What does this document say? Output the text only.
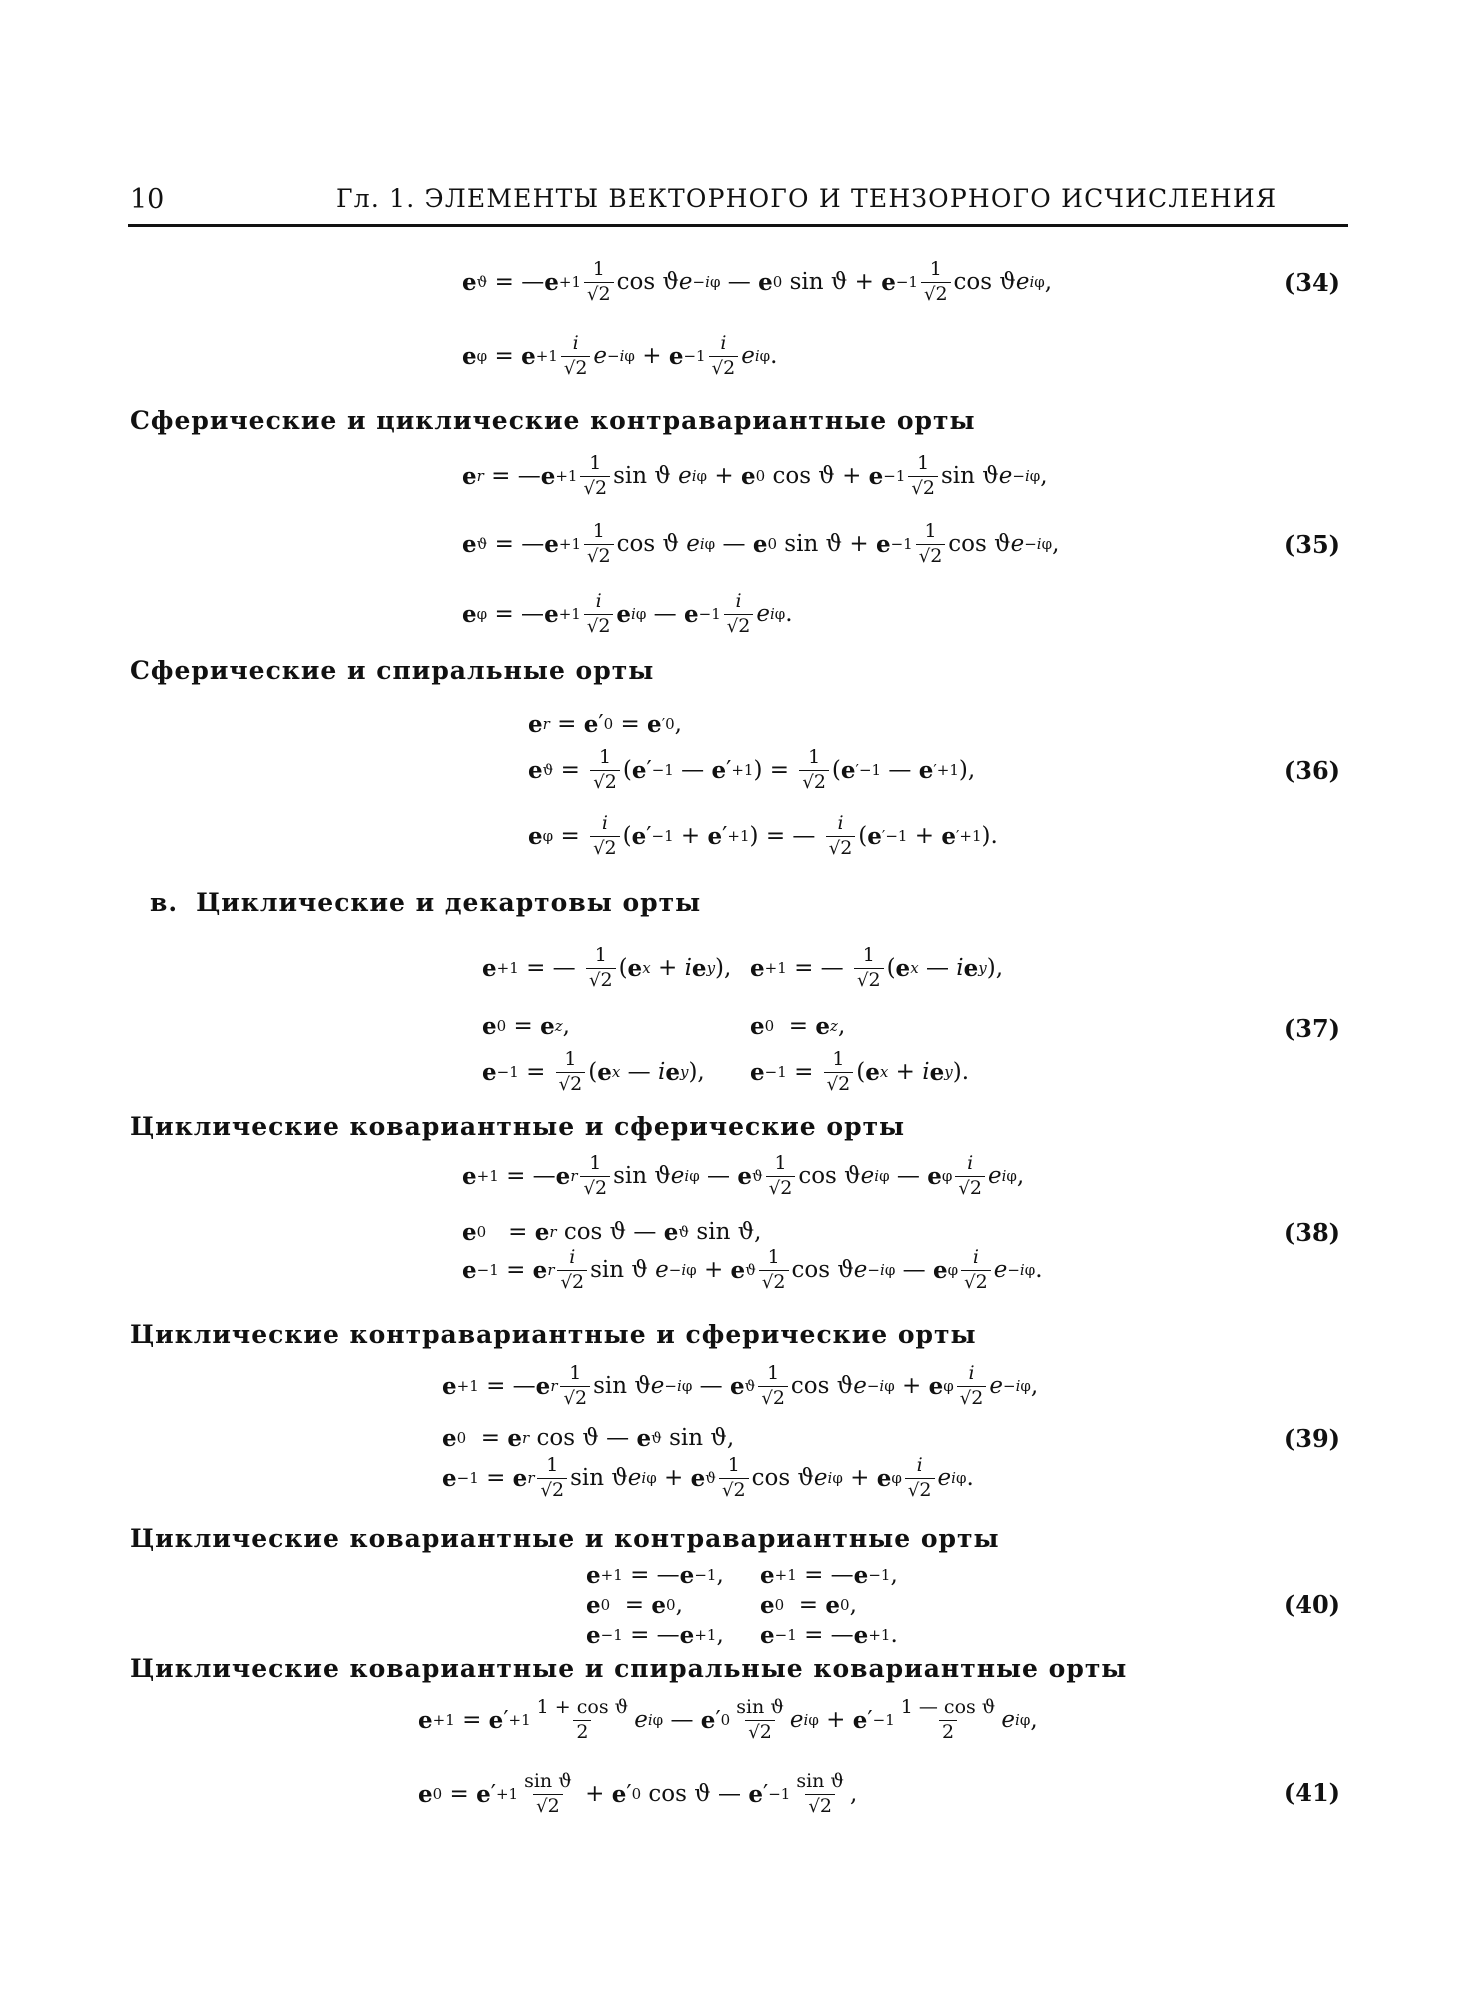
10	Гл. 1. ЭЛЕМЕНТЫ ВЕКТОРНОГО И ТЕНЗОРНОГО ИСЧИСЛЕНИЯ
e ϑ = — $e +1 \frac{1}{√2}$ cos ϑ e −iφ — e 0 $\sin ϑ + e -1 \frac{1}{√2}$ cos ϑ e iφ ,	(34)
e $\varphi = e +1 \frac{i}{√2}$ $e -i\varphi + e -1 \frac{i}{√2}$ e iφ .
Сферические и циклические контравариантные орты
e r = — $e +1 \frac{1}{√2}$ sin ϑ e iφ + e 0 $\cos ϑ + e -1 \frac{1}{√2}$ sin ϑ e −iφ ,
e ϑ = — $e +1 \frac{1}{√2}$ cos ϑ e iφ — e 0 $\sin ϑ + e -1 \frac{1}{√2}$ cos ϑ e −iφ ,	(35)
e φ = — $e +1 \frac{i}{√2}$ e iφ — $e -1 \frac{i}{√2}$ e iφ .
Сферические и спиральные орты
e r = e ′ 0 = e ′0 ,
e $ϑ = \frac{1}{√2}$ ( e ′ −1 — e ′ +1 ) = $\frac{1}{√2}$ ( e ′−1 — e ′+1 ),	(36)
e $\varphi = \frac{i}{√2}$ ( e ′ −1 + e ′ +1 ) = — $\frac{i}{√2}$ ( e ′−1 + e ′+1 ).
в. Циклические и декартовы орты
e +1 = — $\frac{1}{√2}$ ( e x + i e y ), e +1 = — $\frac{1}{√2}$ ( e x — i e y ),
e 0 = e z ,	e 0 = e z ,	(37)
$e -1 = \frac{1}{√2}$ ( e x — i e y ), $e -1 = \frac{1}{√2}$ ( e x + i e y ).
Циклические ковариантные и сферические орты
e +1 = — e r $\frac{1}{√2}$ sin ϑ e iφ — e ϑ $\frac{1}{√2}$ cos ϑ e iφ — e φ $\frac{i}{√2}$ e iφ ,
e 0 = e r cos ϑ — e ϑ sin ϑ,	(38)
e −1 = e r $\frac{i}{√2}$ sin ϑ e −iφ + e ϑ $\frac{1}{√2}$ cos ϑ e −iφ — e φ $\frac{i}{√2}$ e −iφ .
Циклические контравариантные и сферические орты
e +1 = — e r $\frac{1}{√2}$ sin ϑ e −iφ — e ϑ $\frac{1}{√2}$ cos ϑ e −iφ + e φ $\frac{i}{√2}$ e −iφ ,
e 0 = e r cos ϑ — e ϑ sin ϑ,	(39)
e −1 = e r $\frac{1}{√2}$ sin ϑ e iφ + e ϑ $\frac{1}{√2}$ cos ϑ e iφ + e φ $\frac{i}{√2}$ e iφ .
Циклические ковариантные и контравариантные орты
e +1 = — e −1 , e +1 = — e −1 ,
e 0 = e 0 ,	e 0 = e 0 ,	(40)
e −1 = — e +1 , e −1 = — e +1 .
Циклические ковариантные и спиральные ковариантные орты
e +1 = e ′ $+1 \frac{\text{1 + cos ϑ}}{2}$ e iφ — e ′ $0 \frac{\text{sin ϑ}}{√2}$ e iφ + e ′ $-1 \frac{\text{1 — cos ϑ}}{2}$ e iφ ,
e 0 = e ′ $+1 \frac{\text{sin ϑ}}{√2} + e$ ′ 0 cos ϑ — e ′ $-1 \frac{\text{sin ϑ}}{√2}$ ,	(41)
